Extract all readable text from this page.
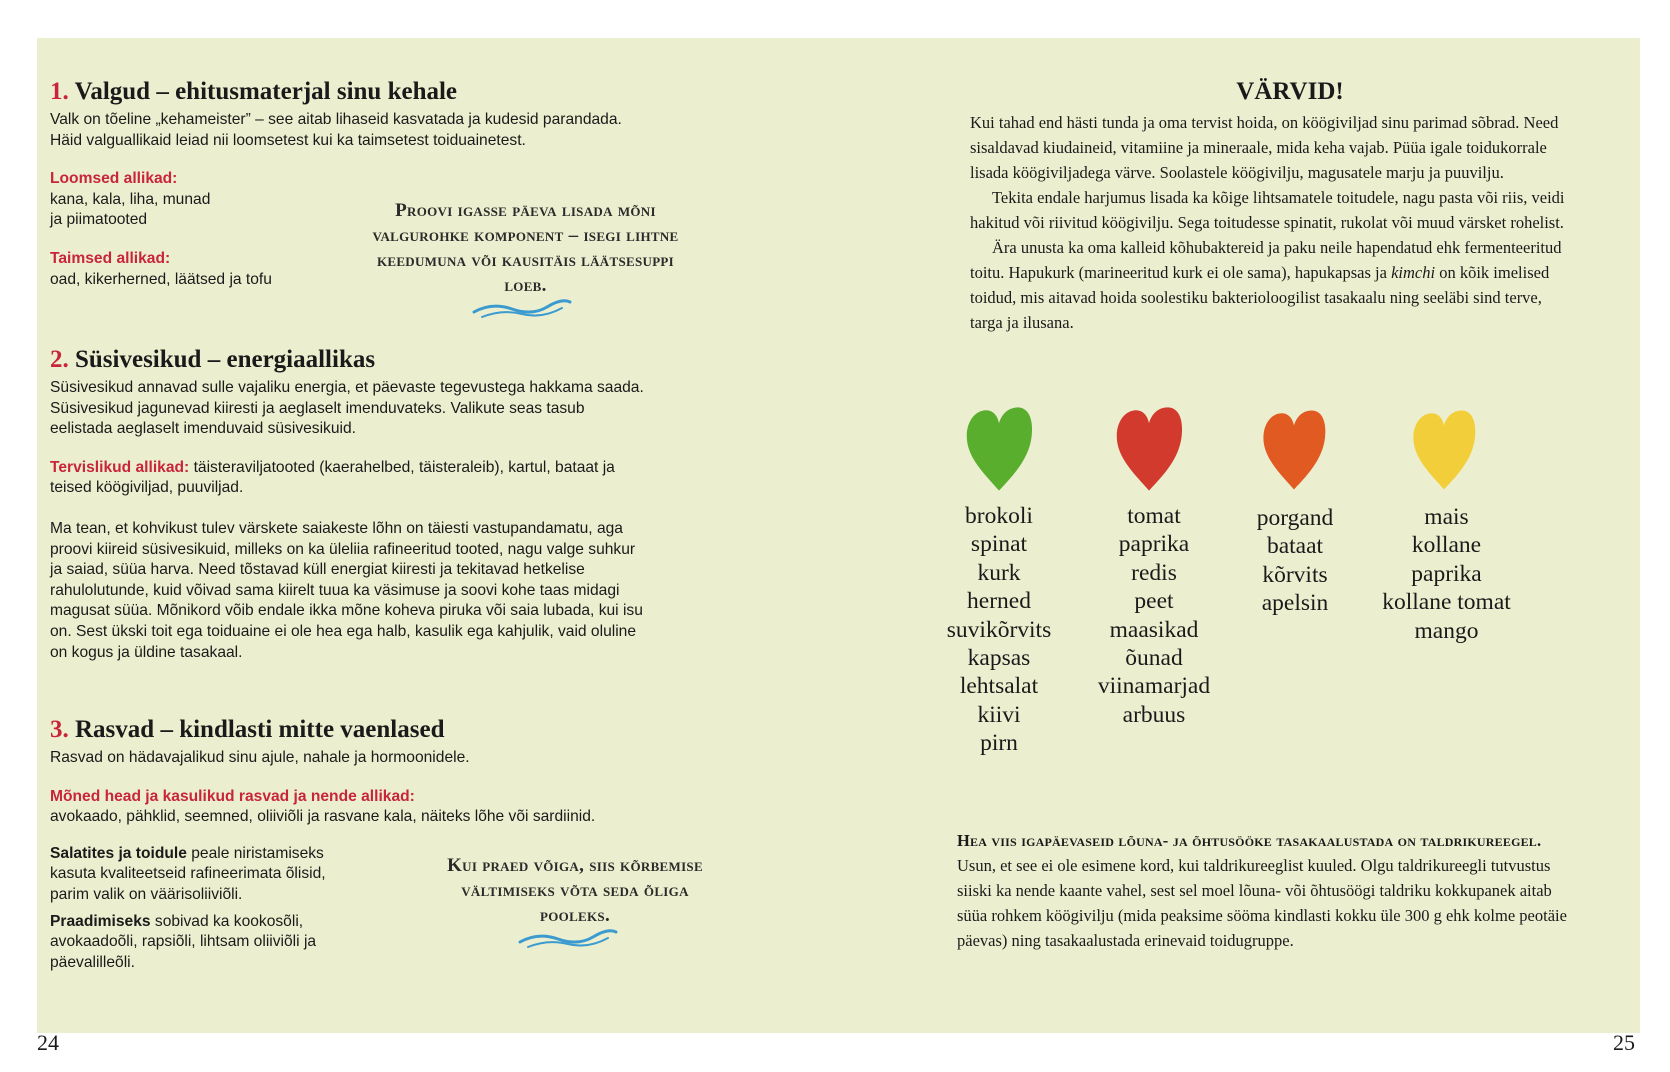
1. Valgud – ehitusmaterjal sinu kehale

Valk on tõeline „kehameister” – see aitab lihaseid kasvatada ja kudesid parandada. Häid valguallikaid leiad nii loomsetest kui ka taimsetest toiduainetest.

Loomsed allikad:
kana, kala, liha, munad ja piimatooted

Taimsed allikad:
oad, kikerherned, läätsed ja tofu

Proovi igasse päeva lisada mõni valgurohke komponent – isegi lihtne keedumuna või kausitäis läätsesuppi loeb.
2. Süsivesikud – energiaallikas

Süsivesikud annavad sulle vajaliku energia, et päevaste tegevustega hakkama saada. Süsivesikud jagunevad kiiresti ja aeglaselt imenduvateks. Valikute seas tasub eelistada aeglaselt imenduvaid süsivesikuid.

Tervislikud allikad: täisteraviljatooted (kaerahelbed, täisteraleib), kartul, bataat ja teised köögiviljad, puuviljad.

Ma tean, et kohvikust tulev värskete saiakeste lõhn on täiesti vastupandamatu, aga proovi kiireid süsivesikuid, milleks on ka üleliia rafineeritud tooted, nagu valge suhkur ja saiad, süüa harva. Need tõstavad küll energiat kiiresti ja tekitavad hetkelise rahulolutunde, kuid võivad sama kiirelt tuua ka väsimuse ja soovi kohe taas midagi magusat süüa. Mõnikord võib endale ikka mõne koheva piruka või saia lubada, kui isu on. Sest ükski toit ega toiduaine ei ole hea ega halb, kasulik ega kahjulik, vaid oluline on kogus ja üldine tasakaal.

3. Rasvad – kindlasti mitte vaenlased

Rasvad on hädavajalikud sinu ajule, nahale ja hormoonidele.

Mõned head ja kasulikud rasvad ja nende allikad:
avokaado, pähklid, seemned, oliiviõli ja rasvane kala, näiteks lõhe või sardiinid.

Salatites ja toidule peale niristamiseks kasuta kvaliteetseid rafineerimata õlisid, parim valik on väärisoliiviõli.

Praadimiseks sobivad ka kookosõli, avokaadoõli, rapsiõli, lihtsam oliiviõli ja päevalilleõli.

Kui praed võiga, siis kõrbemise vältimiseks võta seda õliga pooleks.
24
VÄRVID!

Kui tahad end hästi tunda ja oma tervist hoida, on köögiviljad sinu parimad sõbrad. Need sisaldavad kiudaineid, vitamiine ja mineraale, mida keha vajab. Püüa igale toidukorrale lisada köögiviljadega värve. Soolastele köögivilju, magusatele marju ja puuvilju.

Tekita endale harjumus lisada ka kõige lihtsamatele toitudele, nagu pasta või riis, veidi hakitud või riivitud köögivilju. Sega toitudesse spinatit, rukolat või muud värsket rohelist.

Ära unusta ka oma kalleid kõhubaktereid ja paku neile hapendatud ehk fermenteeritud toitu. Hapukurk (marineeritud kurk ei ole sama), hapukapsas ja kimchi on kõik imelised toidud, mis aitavad hoida soolestiku bakterioloogilist tasakaalu ning seeläbi sind terve, targa ja ilusana.

brokoli
spinat
kurk
herned
suvikõrvits
kapsas
lehtsalat
kiivi
pirn
tomat
paprika
redis
peet
maasikad
õunad
viinamarjad
arbuus
porgand
bataat
kõrvits
apelsin
mais
kollane
paprika
kollane tomat
mango

Hea viis igapäevaseid lõuna- ja õhtusööke tasakaalustada on taldrikureegel. Usun, et see ei ole esimene kord, kui taldrikureeglist kuuled. Olgu taldrikureegli tutvustus siiski ka nende kaante vahel, sest sel moel lõuna- või õhtusöögi taldriku kokkupanek aitab süüa rohkem köögivilju (mida peaksime sööma kindlasti kokku üle 300 g ehk kolme peotäie päevas) ning tasakaalustada erinevaid toidugruppe.

25
